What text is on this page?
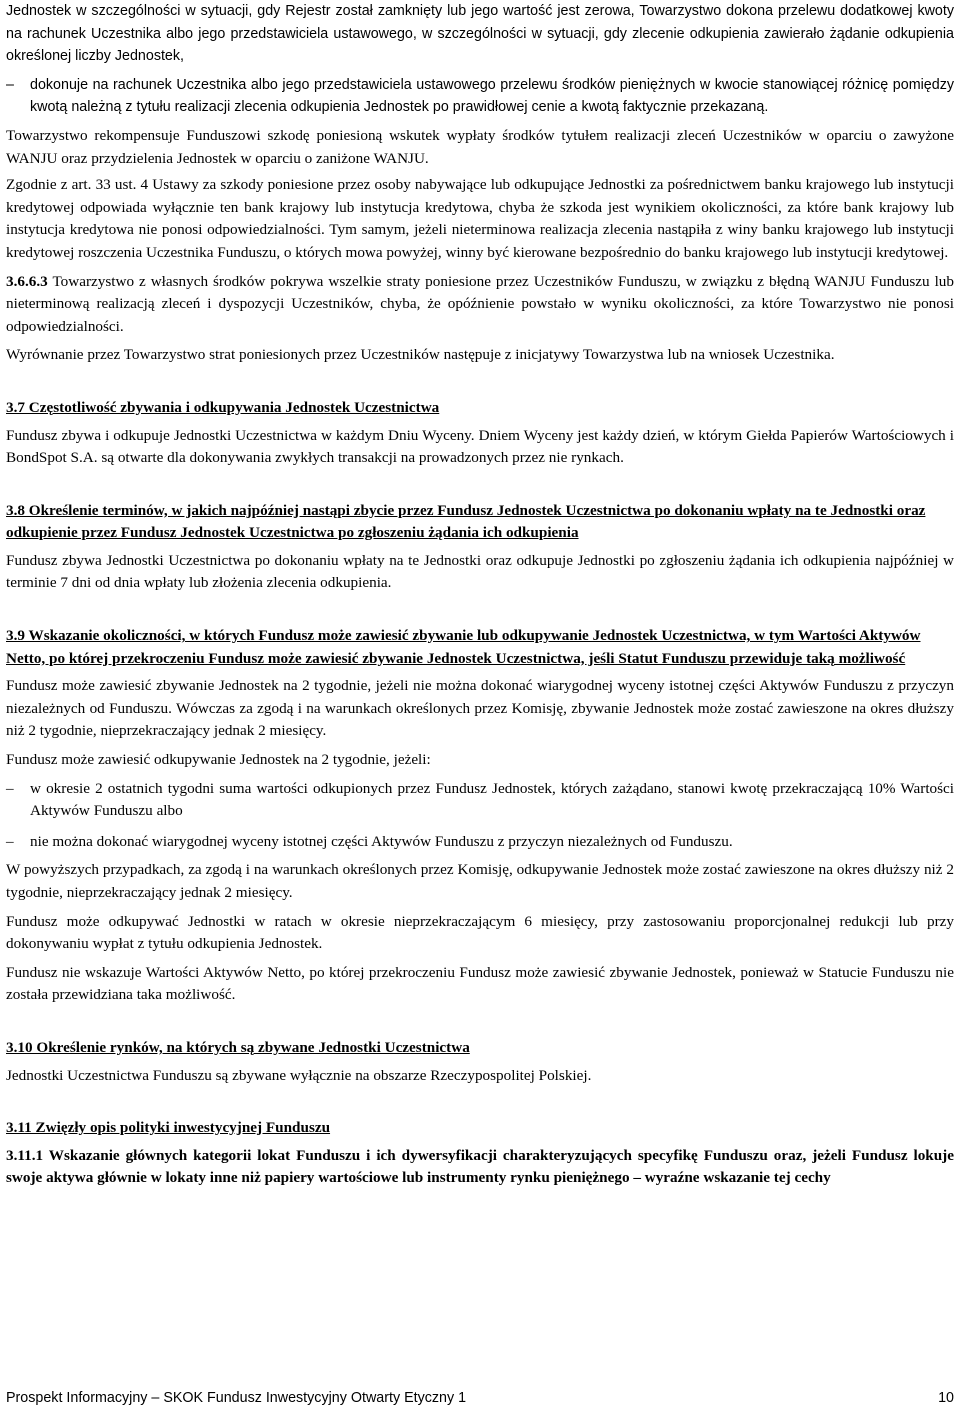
Jednostek w szczególności w sytuacji, gdy Rejestr został zamknięty lub jego wartość jest zerowa, Towarzystwo dokona przelewu dodatkowej kwoty na rachunek Uczestnika albo jego przedstawiciela ustawowego, w szczególności w sytuacji, gdy zlecenie odkupienia zawierało żądanie odkupienia określonej liczby Jednostek,

– dokonuje na rachunek Uczestnika albo jego przedstawiciela ustawowego przelewu środków pieniężnych w kwocie stanowiącej różnicę pomiędzy kwotą należną z tytułu realizacji zlecenia odkupienia Jednostek po prawidłowej cenie a kwotą faktycznie przekazaną.

Towarzystwo rekompensuje Funduszowi szkodę poniesioną wskutek wypłaty środków tytułem realizacji zleceń Uczestników w oparciu o zawyżone WANJU oraz przydzielenia Jednostek w oparciu o zaniżone WANJU.

Zgodnie z art. 33 ust. 4 Ustawy za szkody poniesione przez osoby nabywające lub odkupujące Jednostki za pośrednictwem banku krajowego lub instytucji kredytowej odpowiada wyłącznie ten bank krajowy lub instytucja kredytowa, chyba że szkoda jest wynikiem okoliczności, za które bank krajowy lub instytucja kredytowa nie ponosi odpowiedzialności. Tym samym, jeżeli nieterminowa realizacja zlecenia nastąpiła z winy banku krajowego lub instytucji kredytowej roszczenia Uczestnika Funduszu, o których mowa powyżej, winny być kierowane bezpośrednio do banku krajowego lub instytucji kredytowej.

3.6.6.3 Towarzystwo z własnych środków pokrywa wszelkie straty poniesione przez Uczestników Funduszu, w związku z błędną WANJU Funduszu lub nieterminową realizacją zleceń i dyspozycji Uczestników, chyba, że opóźnienie powstało w wyniku okoliczności, za które Towarzystwo nie ponosi odpowiedzialności.

Wyrównanie przez Towarzystwo strat poniesionych przez Uczestników następuje z inicjatywy Towarzystwa lub na wniosek Uczestnika.

3.7 Częstotliwość zbywania i odkupywania Jednostek Uczestnictwa

Fundusz zbywa i odkupuje Jednostki Uczestnictwa w każdym Dniu Wyceny. Dniem Wyceny jest każdy dzień, w którym Giełda Papierów Wartościowych i BondSpot S.A. są otwarte dla dokonywania zwykłych transakcji na prowadzonych przez nie rynkach.

3.8 Określenie terminów, w jakich najpóźniej nastąpi zbycie przez Fundusz Jednostek Uczestnictwa po dokonaniu wpłaty na te Jednostki oraz odkupienie przez Fundusz Jednostek Uczestnictwa po zgłoszeniu żądania ich odkupienia

Fundusz zbywa Jednostki Uczestnictwa po dokonaniu wpłaty na te Jednostki oraz odkupuje Jednostki po zgłoszeniu żądania ich odkupienia najpóźniej w terminie 7 dni od dnia wpłaty lub złożenia zlecenia odkupienia.

3.9 Wskazanie okoliczności, w których Fundusz może zawiesić zbywanie lub odkupywanie Jednostek Uczestnictwa, w tym Wartości Aktywów Netto, po której przekroczeniu Fundusz może zawiesić zbywanie Jednostek Uczestnictwa, jeśli Statut Funduszu przewiduje taką możliwość

Fundusz może zawiesić zbywanie Jednostek na 2 tygodnie, jeżeli nie można dokonać wiarygodnej wyceny istotnej części Aktywów Funduszu z przyczyn niezależnych od Funduszu. Wówczas za zgodą i na warunkach określonych przez Komisję, zbywanie Jednostek może zostać zawieszone na okres dłuższy niż 2 tygodnie, nieprzekraczający jednak 2 miesięcy.

Fundusz może zawiesić odkupywanie Jednostek na 2 tygodnie, jeżeli:

– w okresie 2 ostatnich tygodni suma wartości odkupionych przez Fundusz Jednostek, których zażądano, stanowi kwotę przekraczającą 10% Wartości Aktywów Funduszu albo

– nie można dokonać wiarygodnej wyceny istotnej części Aktywów Funduszu z przyczyn niezależnych od Funduszu.

W powyższych przypadkach, za zgodą i na warunkach określonych przez Komisję, odkupywanie Jednostek może zostać zawieszone na okres dłuższy niż 2 tygodnie, nieprzekraczający jednak 2 miesięcy.

Fundusz może odkupywać Jednostki w ratach w okresie nieprzekraczającym 6 miesięcy, przy zastosowaniu proporcjonalnej redukcji lub przy dokonywaniu wypłat z tytułu odkupienia Jednostek.

Fundusz nie wskazuje Wartości Aktywów Netto, po której przekroczeniu Fundusz może zawiesić zbywanie Jednostek, ponieważ w Statucie Funduszu nie została przewidziana taka możliwość.

3.10 Określenie rynków, na których są zbywane Jednostki Uczestnictwa

Jednostki Uczestnictwa Funduszu są zbywane wyłącznie na obszarze Rzeczypospolitej Polskiej.

3.11 Zwięzły opis polityki inwestycyjnej Funduszu

3.11.1 Wskazanie głównych kategorii lokat Funduszu i ich dywersyfikacji charakteryzujących specyfikę Funduszu oraz, jeżeli Fundusz lokuje swoje aktywa głównie w lokaty inne niż papiery wartościowe lub instrumenty rynku pieniężnego – wyraźne wskazanie tej cechy

Prospekt Informacyjny – SKOK Fundusz Inwestycyjny Otwarty Etyczny 1	10
